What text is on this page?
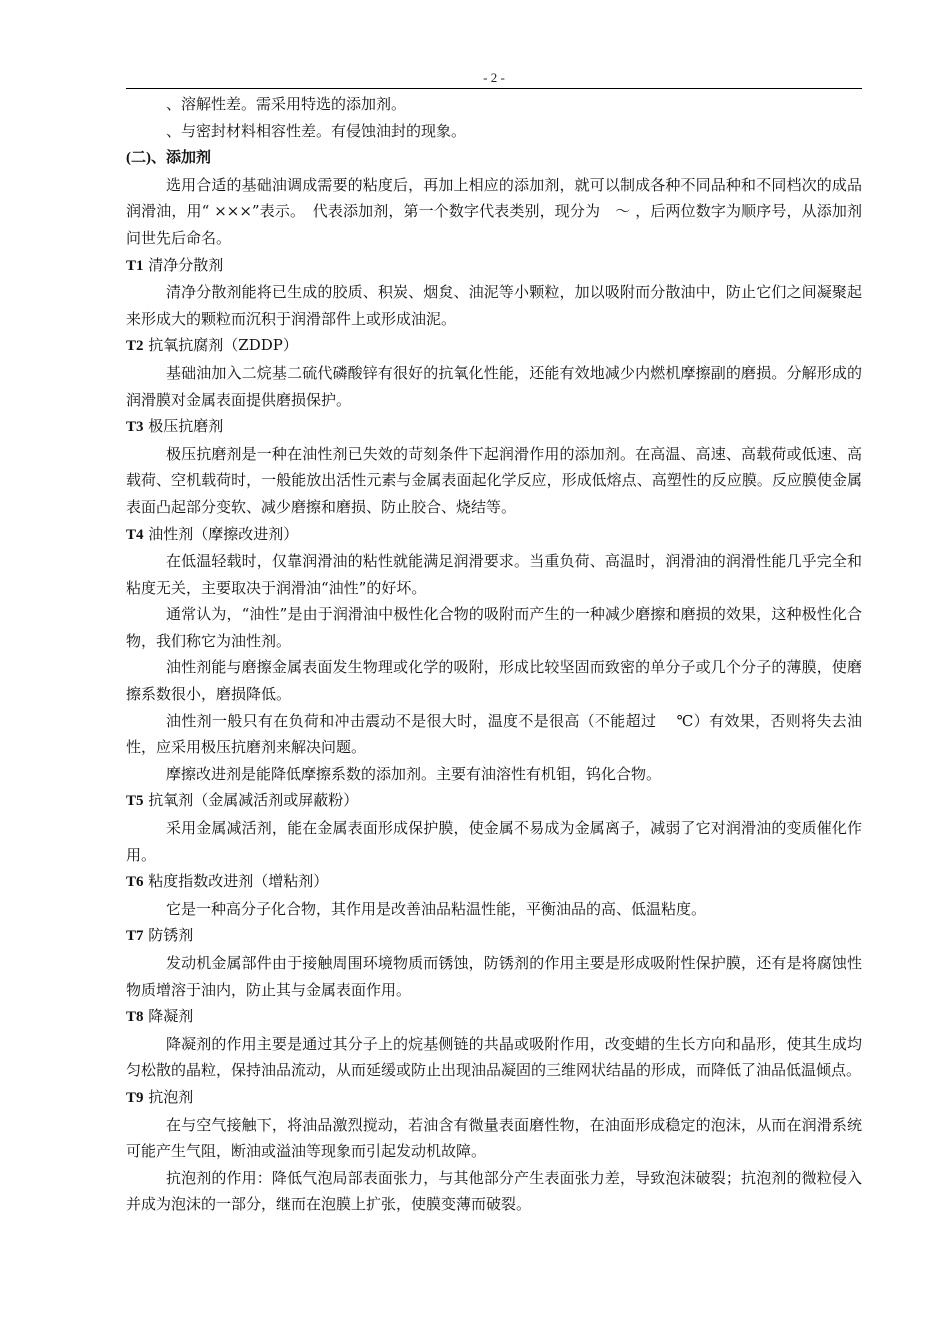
- 2 -

、溶解性差。需采用特选的添加剂。

、与密封材料相容性差。有侵蚀油封的现象。

(二)、添加剂

选用合适的基础油调成需要的粘度后，再加上相应的添加剂，就可以制成各种不同品种和不同档次的成品润滑油，用“ ×××”表示。　代表添加剂，第一个数字代表类别，现分为　～ ，后两位数字为顺序号，从添加剂问世先后命名。

T1 清净分散剂

清净分散剂能将已生成的胶质、积炭、烟炱、油泥等小颗粒，加以吸附而分散油中，防止它们之间凝聚起来形成大的颗粒而沉积于润滑部件上或形成油泥。

T2 抗氧抗腐剂（ZDDP）

基础油加入二烷基二硫代磷酸锌有很好的抗氧化性能，还能有效地减少内燃机摩擦副的磨损。分解形成的润滑膜对金属表面提供磨损保护。

T3 极压抗磨剂

极压抗磨剂是一种在油性剂已失效的苛刻条件下起润滑作用的添加剂。在高温、高速、高载荷或低速、高载荷、空机载荷时，一般能放出活性元素与金属表面起化学反应，形成低熔点、高塑性的反应膜。反应膜使金属表面凸起部分变软、减少磨擦和磨损、防止胶合、烧结等。

T4 油性剂（摩擦改进剂）

在低温轻载时，仅靠润滑油的粘性就能满足润滑要求。当重负荷、高温时，润滑油的润滑性能几乎完全和粘度无关，主要取决于润滑油“油性”的好坏。

通常认为，“油性”是由于润滑油中极性化合物的吸附而产生的一种减少磨擦和磨损的效果，这种极性化合物，我们称它为油性剂。

油性剂能与磨擦金属表面发生物理或化学的吸附，形成比较坚固而致密的单分子或几个分子的薄膜，使磨擦系数很小，磨损降低。

油性剂一般只有在负荷和冲击震动不是很大时，温度不是很高（不能超过　 ℃）有效果，否则将失去油性，应采用极压抗磨剂来解决问题。

摩擦改进剂是能降低摩擦系数的添加剂。主要有油溶性有机钼，钨化合物。

T5 抗氧剂（金属减活剂或屏蔽粉）

采用金属减活剂，能在金属表面形成保护膜，使金属不易成为金属离子，减弱了它对润滑油的变质催化作用。

T6 粘度指数改进剂（增粘剂）

它是一种高分子化合物，其作用是改善油品粘温性能，平衡油品的高、低温粘度。

T7 防锈剂

发动机金属部件由于接触周围环境物质而锈蚀，防锈剂的作用主要是形成吸附性保护膜，还有是将腐蚀性物质增溶于油内，防止其与金属表面作用。

T8 降凝剂

降凝剂的作用主要是通过其分子上的烷基侧链的共晶或吸附作用，改变蜡的生长方向和晶形，使其生成均匀松散的晶粒，保持油品流动，从而延缓或防止出现油品凝固的三维网状结晶的形成，而降低了油品低温倾点。

T9 抗泡剂

在与空气接触下，将油品激烈搅动，若油含有微量表面磨性物，在油面形成稳定的泡沫，从而在润滑系统可能产生气阻，断油或溢油等现象而引起发动机故障。

抗泡剂的作用：降低气泡局部表面张力，与其他部分产生表面张力差，导致泡沫破裂；抗泡剂的微粒侵入并成为泡沫的一部分，继而在泡膜上扩张，使膜变薄而破裂。
